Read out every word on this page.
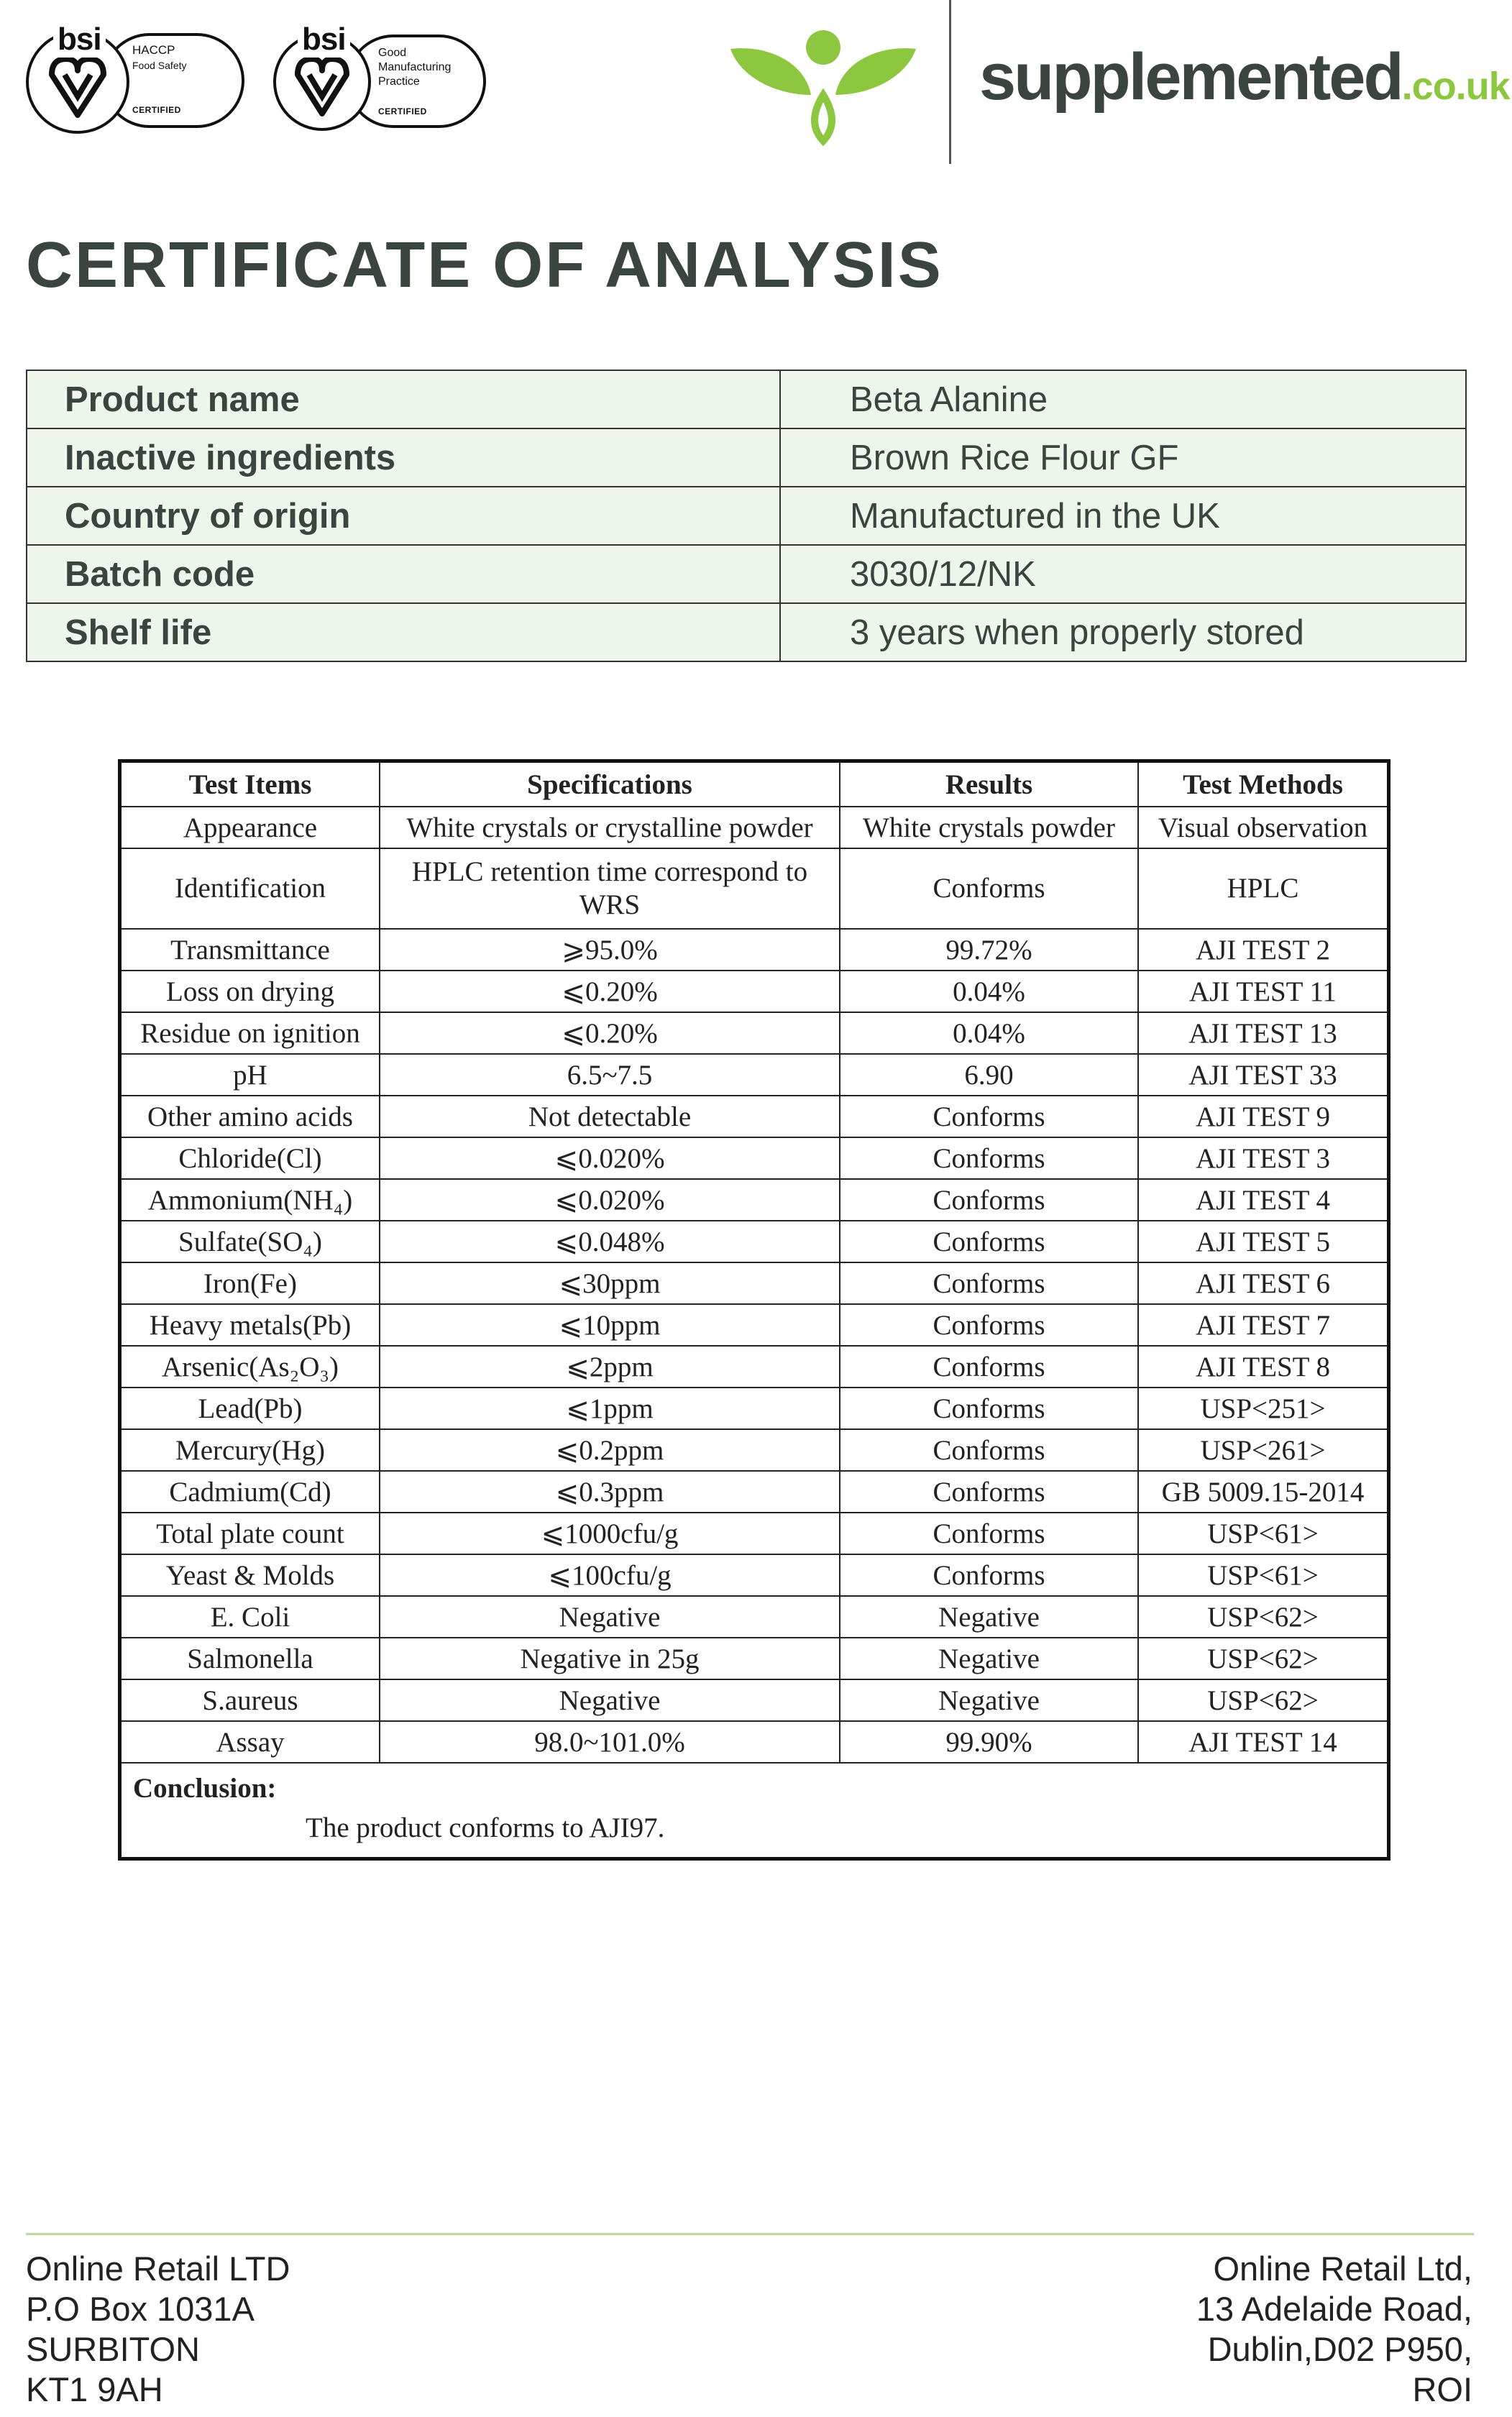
bsi	HACCP
Food Safety
CERTIFIED
bsi	Good
Manufacturing
Practice
CERTIFIED	supplemented.co.uk
CERTIFICATE OF ANALYSIS
Product name	Beta Alanine
Inactive ingredients	Brown Rice Flour GF
Country of origin	Manufactured in the UK
Batch code	3030/12/NK
Shelf life	3 years when properly stored
Test Items	Specifications	Results	Test Methods
Appearance	White crystals or crystalline powder	White crystals powder	Visual observation
Identification	HPLC retention time correspond to WRS	Conforms	HPLC
Transmittance	⩾95.0%	99.72%	AJI TEST 2
Loss on drying	⩽0.20%	0.04%	AJI TEST 11
Residue on ignition	⩽0.20%	0.04%	AJI TEST 13
pH	6.5~7.5	6.90	AJI TEST 33
Other amino acids	Not detectable	Conforms	AJI TEST 9
Chloride(Cl)	⩽0.020%	Conforms	AJI TEST 3
Ammonium(NH₄)	⩽0.020%	Conforms	AJI TEST 4
Sulfate(SO₄)	⩽0.048%	Conforms	AJI TEST 5
Iron(Fe)	⩽30ppm	Conforms	AJI TEST 6
Heavy metals(Pb)	⩽10ppm	Conforms	AJI TEST 7
Arsenic(As₂O₃)	⩽2ppm	Conforms	AJI TEST 8
Lead(Pb)	⩽1ppm	Conforms	USP<251>
Mercury(Hg)	⩽0.2ppm	Conforms	USP<261>
Cadmium(Cd)	⩽0.3ppm	Conforms	GB 5009.15-2014
Total plate count	⩽1000cfu/g	Conforms	USP<61>
Yeast & Molds	⩽100cfu/g	Conforms	USP<61>
E. Coli	Negative	Negative	USP<62>
Salmonella	Negative in 25g	Negative	USP<62>
S.aureus	Negative	Negative	USP<62>
Assay	98.0~101.0%	99.90%	AJI TEST 14

Conclusion:
The product conforms to AJI97.			
Online Retail LTD
P.O Box 1031A
SURBITON
KT1 9AH
Online Retail Ltd,
13 Adelaide Road,
Dublin,D02 P950,
ROI
